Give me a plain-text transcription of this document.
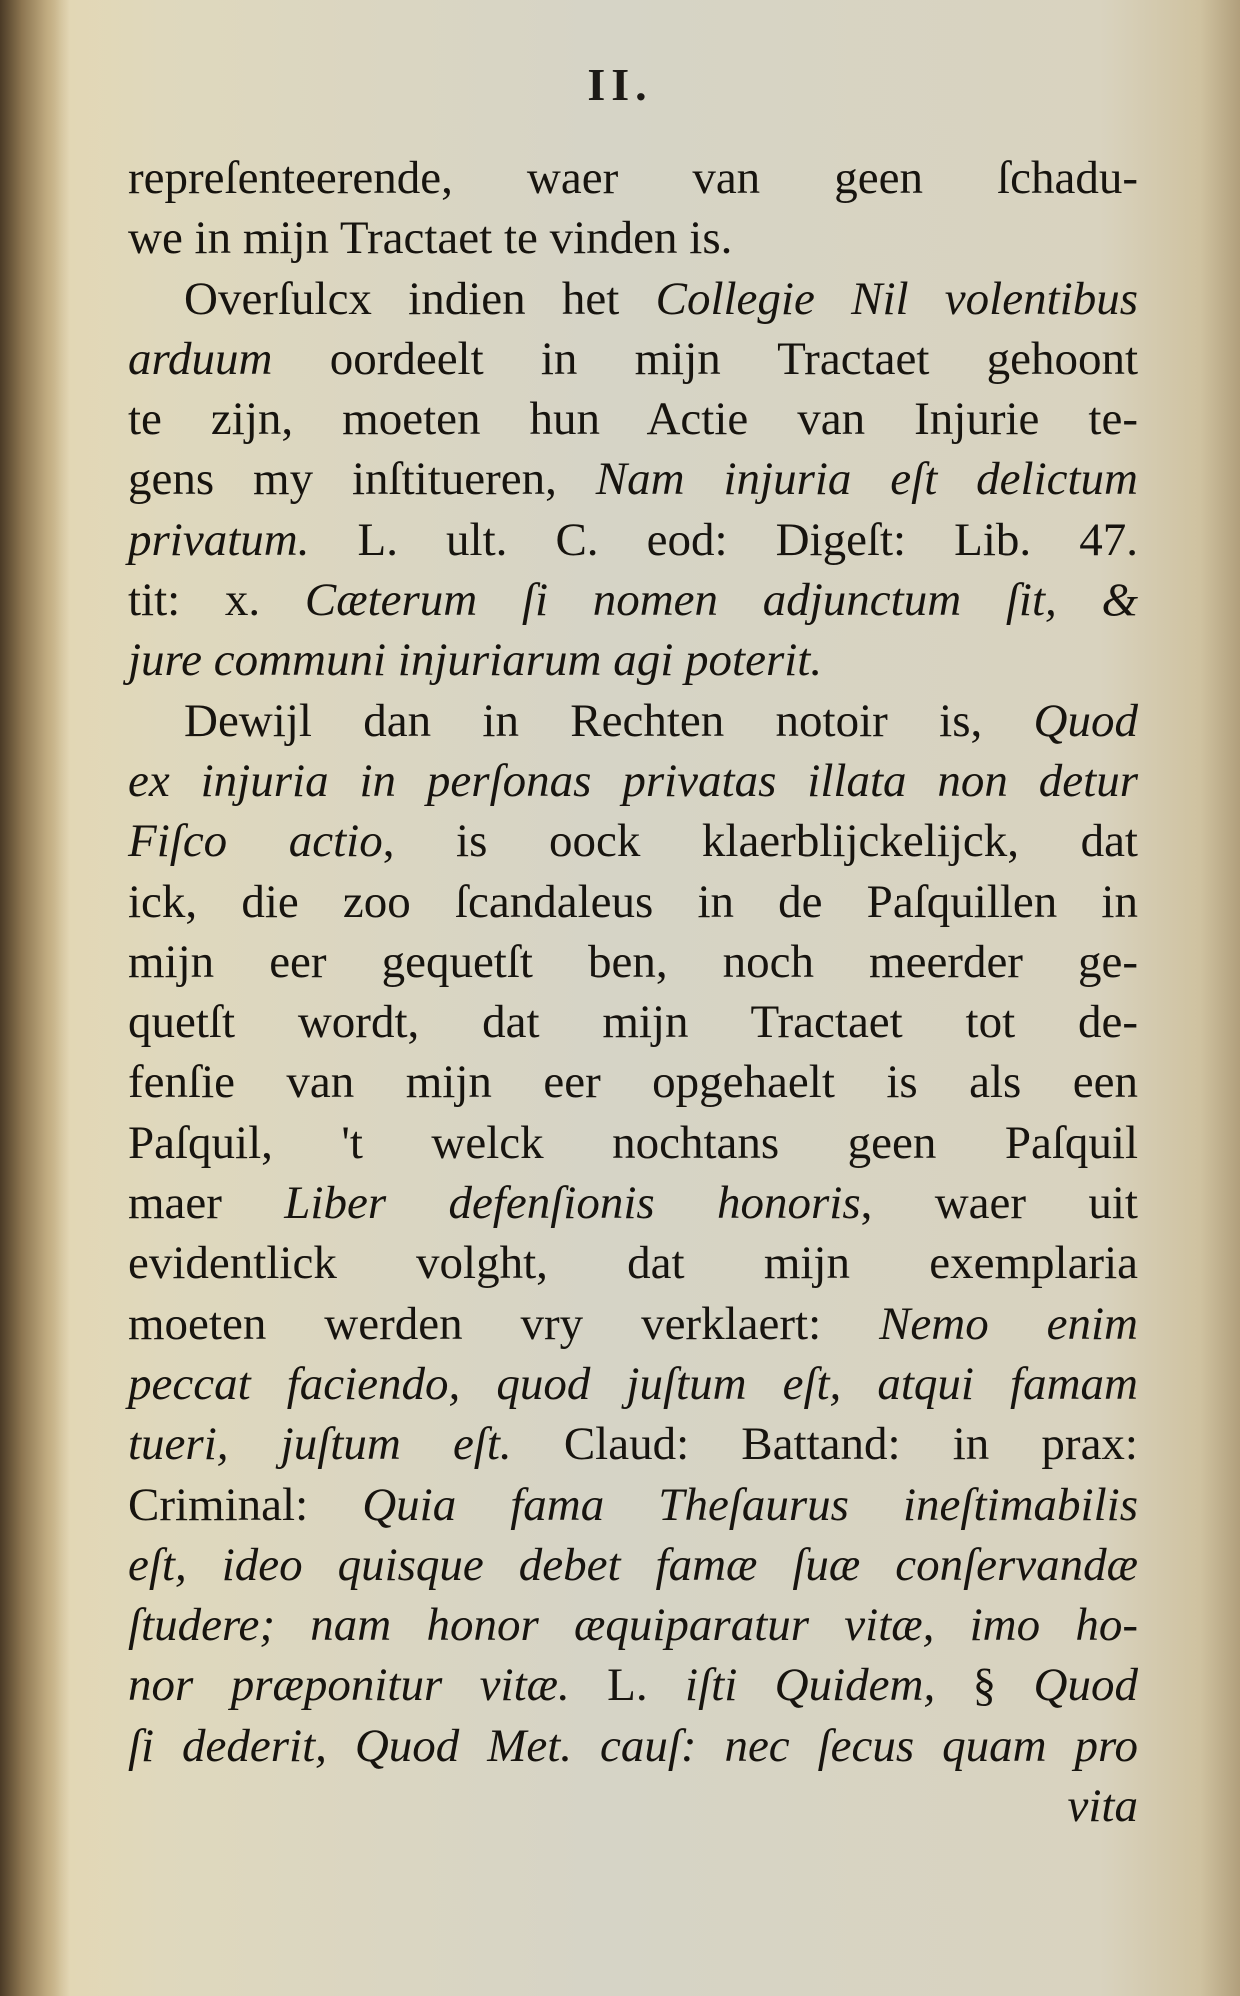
II.
repreſenteerende, waer van geen ſchadu-
we in mijn Tractaet te vinden is.
Overſulcx indien het Collegie Nil volentibus
arduum oordeelt in mijn Tractaet gehoont
te zijn, moeten hun Actie van Injurie te-
gens my inſtitueren, Nam injuria eſt delictum
privatum. L. ult. C. eod: Digeſt: Lib. 47.
tit: x. Cæterum ſi nomen adjunctum ſit, &
jure communi injuriarum agi poterit.
Dewijl dan in Rechten notoir is, Quod
ex injuria in perſonas privatas illata non detur
Fiſco actio, is oock klaerblijckelijck, dat
ick, die zoo ſcandaleus in de Paſquillen in
mijn eer gequetſt ben, noch meerder ge-
quetſt wordt, dat mijn Tractaet tot de-
fenſie van mijn eer opgehaelt is als een
Paſquil, 't welck nochtans geen Paſquil
maer Liber defenſionis honoris, waer uit
evidentlick volght, dat mijn exemplaria
moeten werden vry verklaert: Nemo enim
peccat faciendo, quod juſtum eſt, atqui famam
tueri, juſtum eſt. Claud: Battand: in prax:
Criminal: Quia fama Theſaurus ineſtimabilis
eſt, ideo quisque debet famæ ſuæ conſervandæ
ſtudere; nam honor æquiparatur vitæ, imo ho-
nor præponitur vitæ. L. iſti Quidem, § Quod
ſi dederit, Quod Met. cauſ: nec ſecus quam pro
vita
